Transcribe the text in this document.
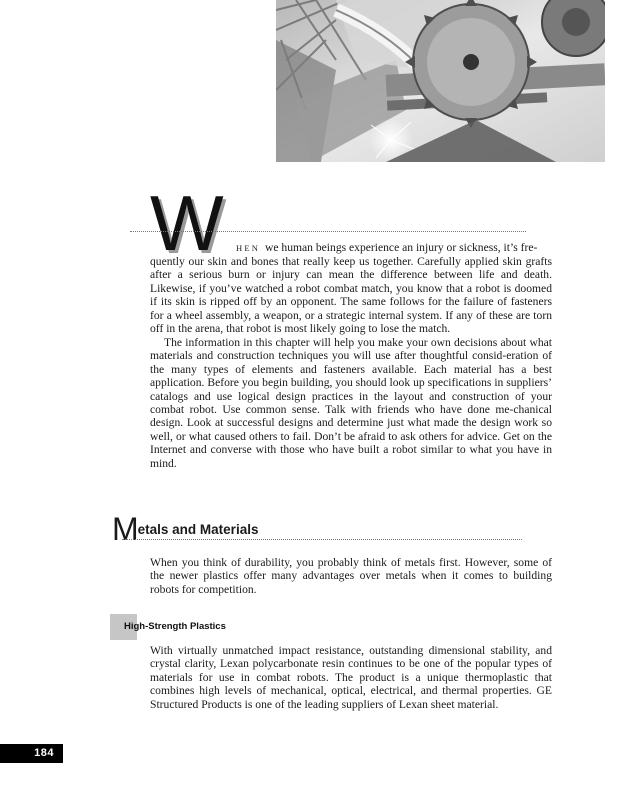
W HEN we human beings experience an injury or sickness, it’s fre-

quently our skin and bones that really keep us together. Carefully applied skin grafts after a serious burn or injury can mean the difference between life and death. Likewise, if you’ve watched a robot combat match, you know that a robot is doomed if its skin is ripped off by an opponent. The same follows for the failure of fasteners for a wheel assembly, a weapon, or a strategic internal system. If any of these are torn off in the arena, that robot is most likely going to lose the match.

The information in this chapter will help you make your own decisions about what materials and construction techniques you will use after thoughtful consid-eration of the many types of elements and fasteners available. Each material has a best application. Before you begin building, you should look up specifications in suppliers’ catalogs and use logical design practices in the layout and construction of your combat robot. Use common sense. Talk with friends who have done me-chanical design. Look at successful designs and determine just what made the design work so well, or what caused others to fail. Don’t be afraid to ask others for advice. Get on the Internet and converse with those who have built a robot similar to what you have in mind.

$M^{etals and Materials}$

When you think of durability, you probably think of metals first. However, some of the newer plastics offer many advantages over metals when it comes to building robots for competition.

High-Strength Plastics

With virtually unmatched impact resistance, outstanding dimensional stability, and crystal clarity, Lexan polycarbonate resin continues to be one of the popular types of materials for use in combat robots. The product is a unique thermoplastic that combines high levels of mechanical, optical, electrical, and thermal properties. GE Structured Products is one of the leading suppliers of Lexan sheet material.

184
